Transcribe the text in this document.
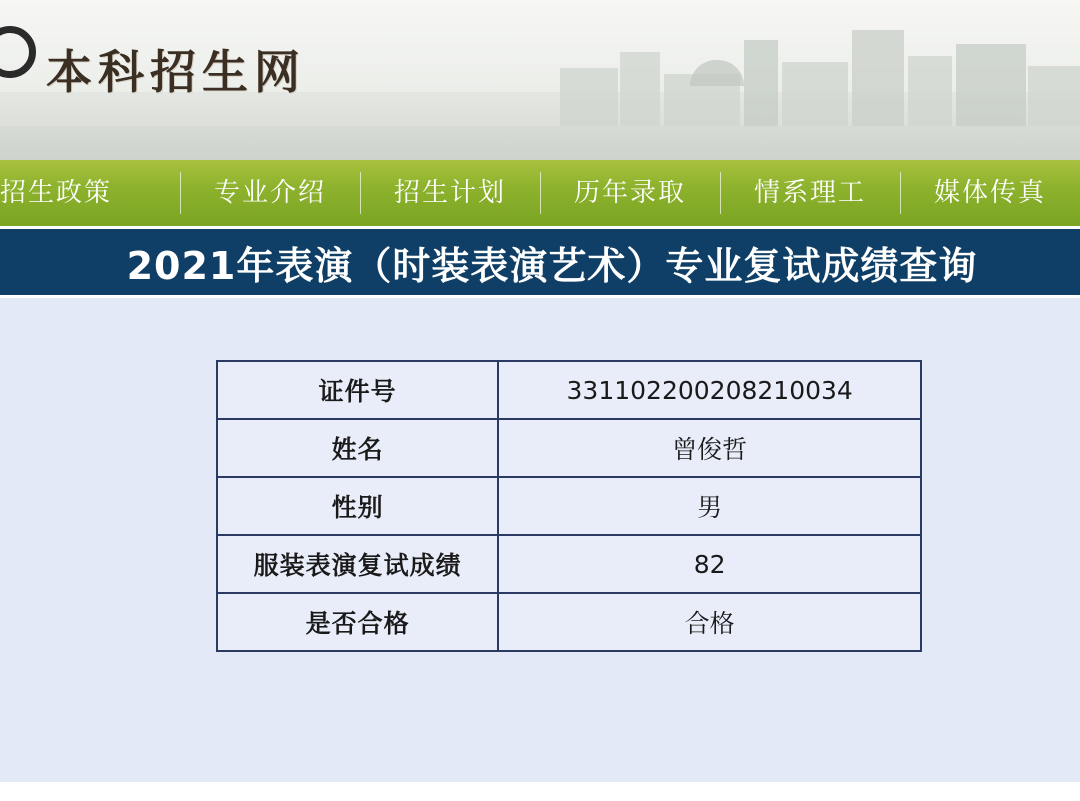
本科招生网
招生政策	专业介绍	招生计划	历年录取	情系理工	媒体传真
2021年表演（时装表演艺术）专业复试成绩查询
证件号	331102200208210034
姓名	曾俊哲
性别	男
服装表演复试成绩	82
是否合格	合格
